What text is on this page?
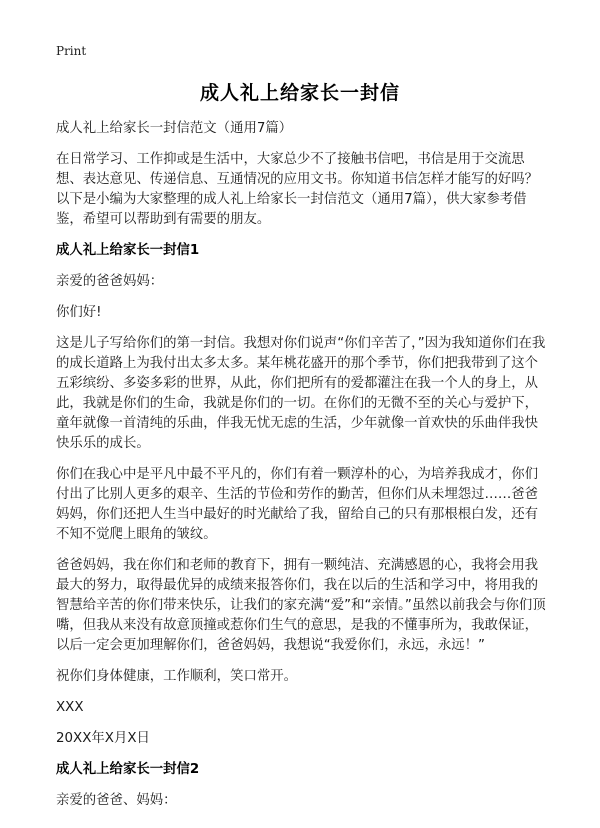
Print
成人礼上给家长一封信
成人礼上给家长一封信范文（通用7篇）
在日常学习、工作抑或是生活中，大家总少不了接触书信吧，书信是用于交流思想、表达意见、传递信息、互通情况的应用文书。你知道书信怎样才能写的好吗？以下是小编为大家整理的成人礼上给家长一封信范文（通用7篇），供大家参考借鉴，希望可以帮助到有需要的朋友。
成人礼上给家长一封信1
亲爱的爸爸妈妈：
你们好!
这是儿子写给你们的第一封信。我想对你们说声“你们辛苦了，”因为我知道你们在我的成长道路上为我付出太多太多。某年桃花盛开的那个季节，你们把我带到了这个五彩缤纷、多姿多彩的世界，从此，你们把所有的爱都灌注在我一个人的身上，从此，我就是你们的生命，我就是你们的一切。在你们的无微不至的关心与爱护下，童年就像一首清纯的乐曲，伴我无忧无虑的生活，少年就像一首欢快的乐曲伴我快快乐乐的成长。
你们在我心中是平凡中最不平凡的，你们有着一颗淳朴的心，为培养我成才，你们付出了比别人更多的艰辛、生活的节俭和劳作的勤苦，但你们从未埋怨过……爸爸妈妈，你们还把人生当中最好的时光献给了我，留给自己的只有那根根白发，还有不知不觉爬上眼角的皱纹。
爸爸妈妈，我在你们和老师的教育下，拥有一颗纯洁、充满感恩的心，我将会用我最大的努力，取得最优异的成绩来报答你们，我在以后的生活和学习中，将用我的智慧给辛苦的你们带来快乐，让我们的家充满“爱”和“亲情。”虽然以前我会与你们顶嘴，但我从来没有故意顶撞或惹你们生气的意思，是我的不懂事所为，我敢保证，以后一定会更加理解你们，爸爸妈妈，我想说“我爱你们，永远，永远！”
祝你们身体健康，工作顺利，笑口常开。
XXX
20XX年X月X日
成人礼上给家长一封信2
亲爱的爸爸、妈妈：
